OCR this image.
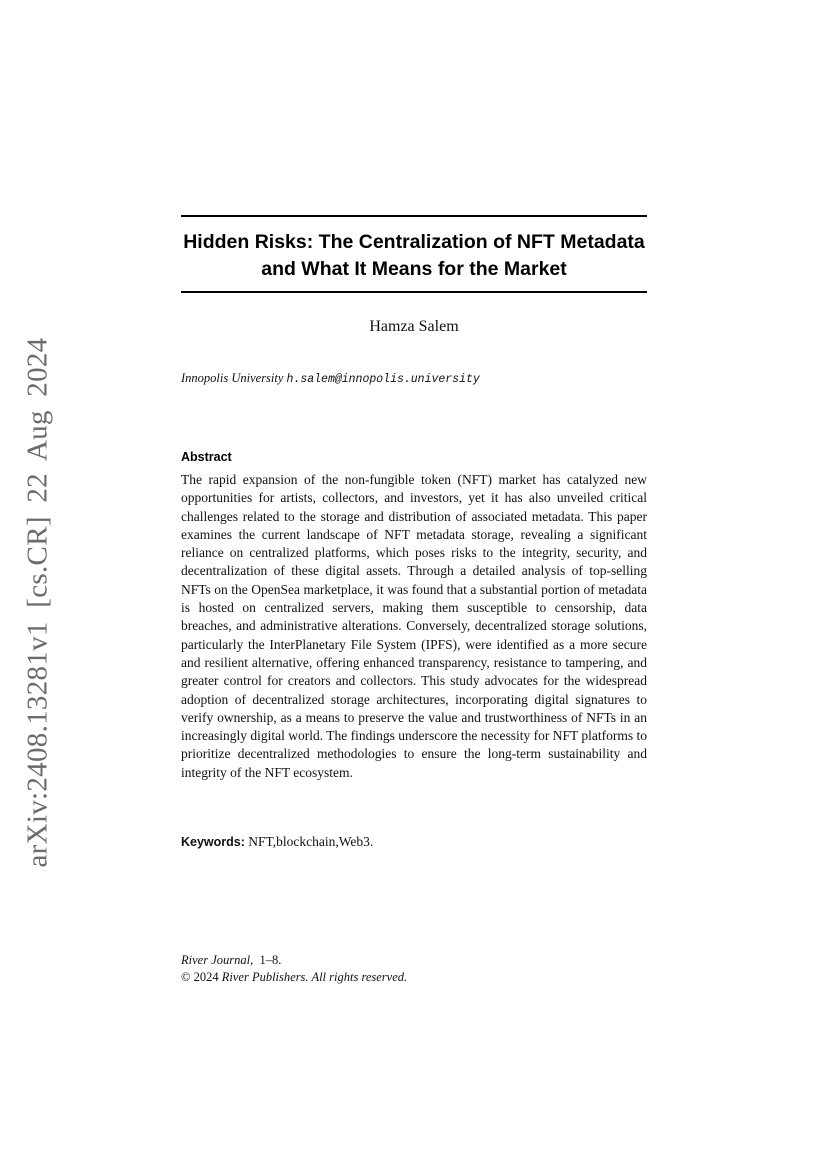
arXiv:2408.13281v1 [cs.CR] 22 Aug 2024
Hidden Risks: The Centralization of NFT Metadata and What It Means for the Market
Hamza Salem
Innopolis University h.salem@innopolis.university
Abstract

The rapid expansion of the non-fungible token (NFT) market has catalyzed new opportunities for artists, collectors, and investors, yet it has also unveiled critical challenges related to the storage and distribution of associated metadata. This paper examines the current landscape of NFT metadata storage, revealing a significant reliance on centralized platforms, which poses risks to the integrity, security, and decentralization of these digital assets. Through a detailed analysis of top-selling NFTs on the OpenSea marketplace, it was found that a substantial portion of metadata is hosted on centralized servers, making them susceptible to censorship, data breaches, and administrative alterations. Conversely, decentralized storage solutions, particularly the InterPlanetary File System (IPFS), were identified as a more secure and resilient alternative, offering enhanced transparency, resistance to tampering, and greater control for creators and collectors. This study advocates for the widespread adoption of decentralized storage architectures, incorporating digital signatures to verify ownership, as a means to preserve the value and trustworthiness of NFTs in an increasingly digital world. The findings underscore the necessity for NFT platforms to prioritize decentralized methodologies to ensure the long-term sustainability and integrity of the NFT ecosystem.

Keywords: NFT,blockchain,Web3.
River Journal, 1–8.
© 2024 River Publishers. All rights reserved.
